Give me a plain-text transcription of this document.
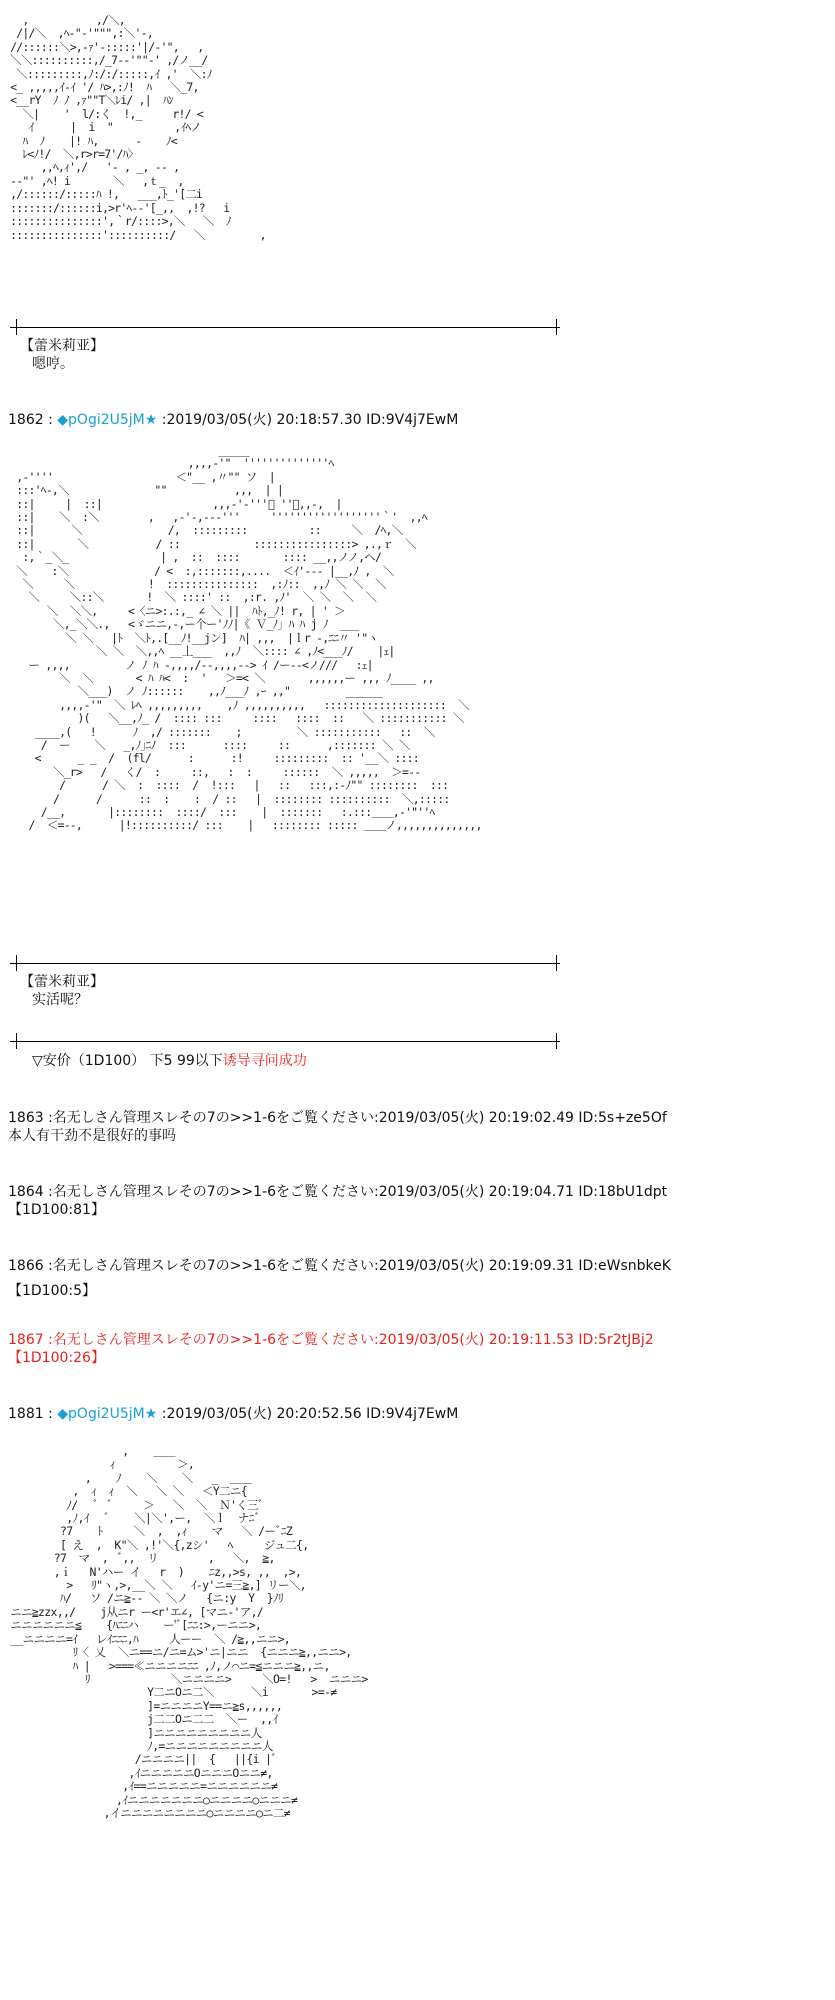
,           ,/＼,
/|/＼  ,ﾍ-"-'""",:＼'-,
//::::::＼>,-ｧ'-:::::'|/-'",   ,
＼＼::::::::::,/_7--'""-' ,/ノ__/
＼:::::::::,ﾉ:/:/:::::,ｲ ,'  ＼:ﾉ
<_ ,,,,,ｲ-ｲ '/ ﾊ>,:ﾉ!  ﾊ   ＼_7,
<__rY  ﾉ ﾉ ,ｧ""T＼ﾚi/ ,|  ﾊﾝ
＼|    '  l/:く  !,_     r!/ <
ｲ      |  i  "          ,ｲﾍノ
ﾊ  ﾉ    |! ﾊ,      -    ﾉ<
ﾚ<ﾉ!/  ＼,r>r=7'/ﾊ〉
,,ﾍ,ｨ',/   '- , _, -- ,
--"' ,ﾍ! i       ＼   ,ｔ_  ,
,/::::::/:::::ﾊ !,   ___,ﾄ_'[二i
:::::::/::::::i,>r'ﾍ--'[_,,  ,!?   i
:::::::::::::::',｀r/::::>,＼   ＼  ﾉ
:::::::::::::::'::::::::::/   ＼         ,
【蕾米莉亚】
嗯哼。
1862 : ◆pOgi2U5jM★ :2019/03/05(火) 20:18:57.30 ID:9V4j7EwM
_____
,,,,-'"  ''''''''''''''ﾍ
,-''''                    ＜"__ ,〃"" ソ  |
:::'ﾍ-,＼              ""           ,,,  | |
::|     |  ::|                  ,,,-'-'''ﾟ ''ｰ,,-,  |
::|    ＼  :＼        ,   ,-'-,---'''     ''''''''''''''''''｀'  ,,ﾍ
::|      ＼              /,  :::::::::          ::     ＼  /ﾍ,＼
::|       ＼           / ::            ::::::::::::::::> ,.,ｒ  ＼
:,｀_＼_               | ,  ::  ::::       :::: __,,ノノ,へ/
＼    :＼              / <  :,:::::::,....  ＜ｲ'--- |__,ﾉ ,  ＼
＼     ＼            !  :::::::::::::::  ,:ﾉ::  ,,ﾉ ＼ ＼  ＼
＼     ＼::＼       !  ＼ ::::' ::  ,:r. ,ﾉ'  ＼ ＼  ＼  ＼
＼  ＼＼,     <〈ニ>:.:,_ ∠ ＼ ||  ﾊﾄ,_ﾉ! r, | ' ＞
＼,_＼＼.,   <ゞニニ,-,ー个ー'ﾉﾉ|《 Ｖ_ﾉ｣ ﾊ ﾊ j ﾉ  ___
＼ ＼   |ﾄ  ＼ﾄ,.[__ﾉ!__jン]  ﾊ| ,,,  |ｌr -,ﾆﾆ〃 '"ヽ
＼ ＼  ＼,,ﾍ __丄___  ,,ﾉ  ＼:::: ∠ ,ﾉ<___ﾉ/    |ｪ|
ー ,,,,         ノ ﾉ ﾊ -,,,,/--,,,,--> ｲ /ー--<ノ///   :ｪ|
＼  ＼       < ﾊ ﾊ<  :  '   ＞=< ＼       ,,,,,,ー ,,, ﾉ____ ,,
＼___)  ノ ﾉ::::::    ,,ﾉ___ﾉ ,ｰ ,,"         ______
,,,,-'"  ＼ ﾚﾍ ,,,,,,,,,    ,ﾉ ,,,,,,,,,,   ::::::::::::::::::::  ＼
)(   ＼__,ﾉ_ /  :::: :::     ::::   ::::  ::   ＼ ::::::::::: ＼
____,(   !      ﾉ  ,/ :::::::    ;         ＼ :::::::::::   ::  ＼
/  ー    ＼   _,ﾉ｣ﾆﾉ  :::      ::::     ::      ,::::::: ＼ ＼
<      _ _  /  (fl/      :      :!     :::::::::  :: '__＼ ::::
＼_r>   /   く/  :     ::,   :  :     ::::::  ＼ ,,,,,  ＞=--
/      / ＼  :  ::::  /  !:::   |   ::   :::,:-ﾉ"" ::::::::  :::
/      /      ::  :    :  / ::   |  :::::::: ::::::::::  ＼,:::::
/__,       |::::::::  ::::/  :::    |  :::::::   :.:::＿＿,-'"''ﾍ
/  ＜=--,      |!::::::::::/ :::    |   :::::::: ::::: ＿＿ノ,,,,,,,,,,,,,,
【蕾米莉亚】
实活呢？
▽安价（1D100） 下5 99以下诱导寻问成功
1863 :名无しさん管理スレその7の>>1-6をご覧ください:2019/03/05(火) 20:19:02.49 ID:5s+ze5Of
本人有干劲不是很好的事吗
1864 :名无しさん管理スレその7の>>1-6をご覧ください:2019/03/05(火) 20:19:04.71 ID:18bU1dpt
【1D100:81】
1866 :名无しさん管理スレその7の>>1-6をご覧ください:2019/03/05(火) 20:19:09.31 ID:eWsnbkeK
【1D100:5】
1867 :名无しさん管理スレその7の>>1-6をご覧ください:2019/03/05(火) 20:19:11.53 ID:5r2tJBj2
【1D100:26】
1881 : ◆pOgi2U5jM★ :2019/03/05(火) 20:20:52.56 ID:9V4j7EwM
,    ＿＿
ｨ          ＞,
,    ﾉ    ＼    ＼   _  ＿＿
,  ｨ  ｨ  ＼   ＼ ＼   ＜Y二ニ{
ﾉ/   ﾞ  ﾞ     ＞   ＼  ＼  Ｎ'く三ﾞ
,ﾉ,ｲ   ﾞ    ＼|＼',ー,  ＼ｌ  ナﾆﾞ
?7    ﾄ     ＼  ,  ,ｨ    マ   ＼ /ーﾞﾆZ
[ え  ,  K"＼ ,!'＼{,zシ'   ﾍ     ジュ二{,
?7  マ  ,  ﾞ,,  リ        ,   ＼,  ≧,
,ｉ   N'ハー イ   r  )    ﾆz,,>s, ,,  ,>,
>   ﾘ"ヽ,>,__＼ ＼   ｲ-y'ニ=三≧,] リー＼,
ﾊ/   ソ /ニ≧-- ＼ ＼ノ   {ニ:y  Y  }ﾉﾘ
ニニ≧zzx,,/    j从ニr ー<r'エ∠, [マニ-'ア,/
ニニニニニニ≦    {ﾊﾆﾆハ    ー'ﾞ[ﾆﾆ:>,ーニニ>,
__ニニニニ=ｲ   レｲﾆﾆﾆ,ﾊ     人ーー  ＼ /≧,,ニニ>,
ﾘ〈 乂  ＼ニ==ニ/ニ=ム>'ニ|ニニ  {ニニニ≧,,ニニ>,
ﾊ |   >===≪ニニニニﾆﾆ ,ﾉ,ノ⌒ニ=≦ニニニ≧,,ニ,
ﾘ             ＼ニニニニ>     ＼O=!   >  ニニニ>
Y二ニOニ二＼      ＼i       >=-≠
]=ニニニニY==ニ≧s,,,,,,
j二二Oニ二二  ＼ー  ,,ｲ
]ニニニニニニニニニ人
ﾉ,=ニニニニニニニニニ人
/ニニニニ||  {   ||{i |ﾞ
,ｲニニニニニOニニニOニニ≠,
,ｲ==ニニニニニ=ニニニニニニ≠
,ｲニニニニニニニ○ニニニニ○ニニニ≠
,イニニニニニニニニ○ニニニニ○ニ二≠
